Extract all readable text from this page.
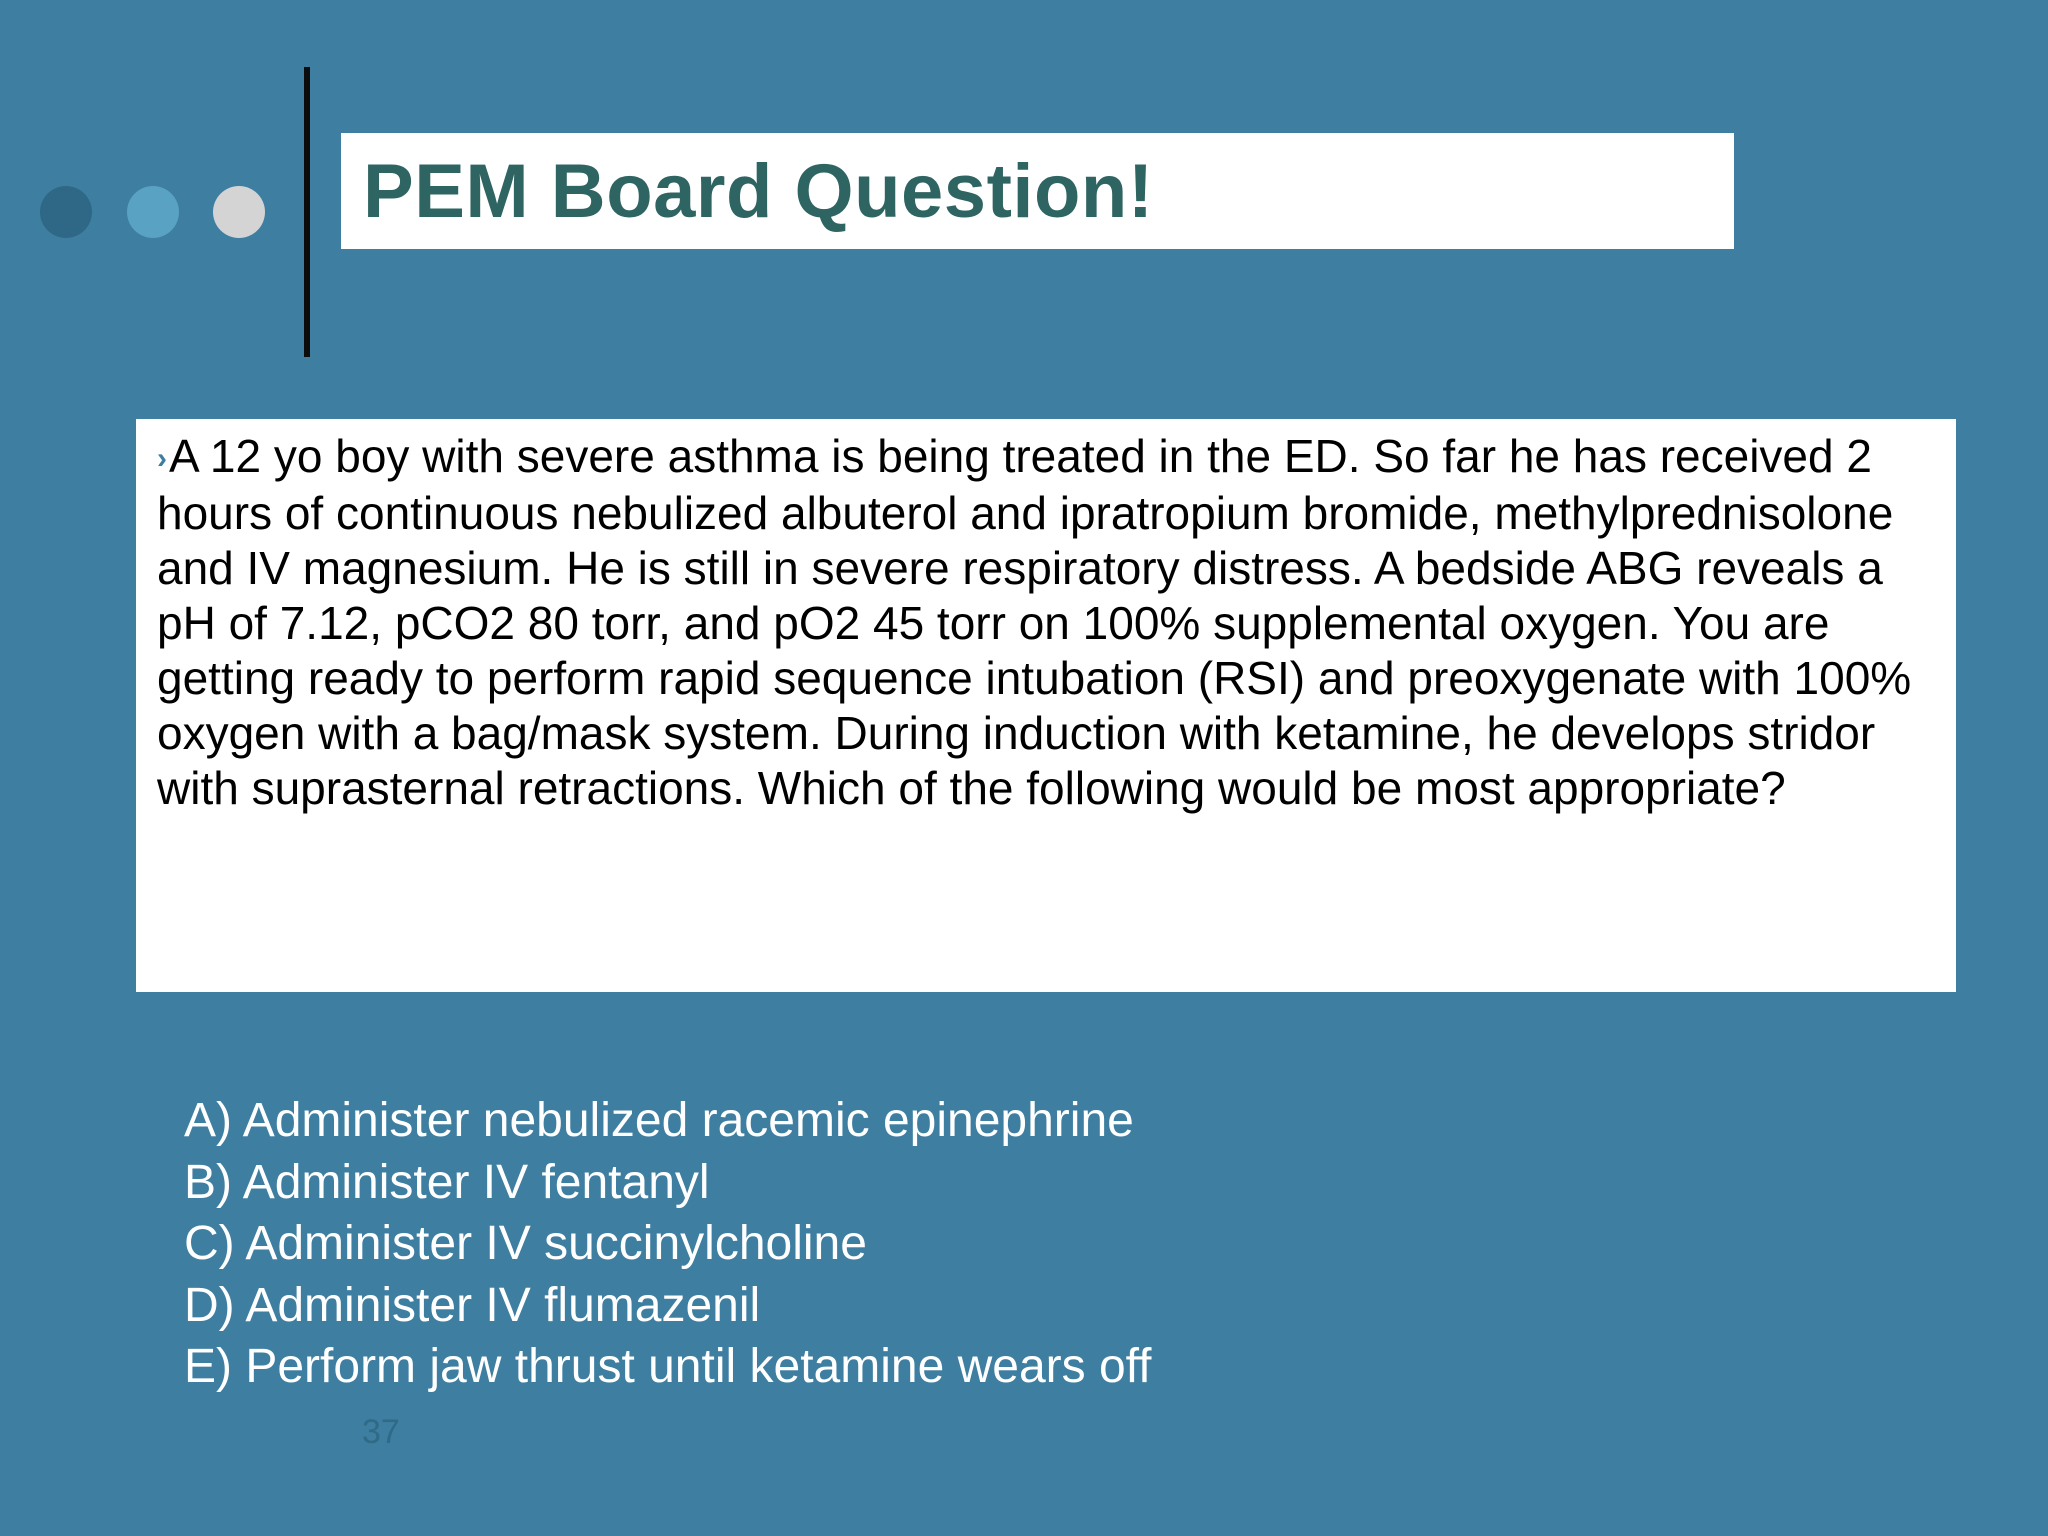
PEM Board Question!

›A 12 yo boy with severe asthma is being treated in the ED. So far he has received 2 hours of continuous nebulized albuterol and ipratropium bromide, methylprednisolone and IV magnesium. He is still in severe respiratory distress. A bedside ABG reveals a pH of 7.12, pCO2 80 torr, and pO2 45 torr on 100% supplemental oxygen. You are getting ready to perform rapid sequence intubation (RSI) and preoxygenate with 100% oxygen with a bag/mask system. During induction with ketamine, he develops stridor with suprasternal retractions. Which of the following would be most appropriate?

A) Administer nebulized racemic epinephrine
B) Administer IV fentanyl
C) Administer IV succinylcholine
D) Administer IV flumazenil
E) Perform jaw thrust until ketamine wears off
37
